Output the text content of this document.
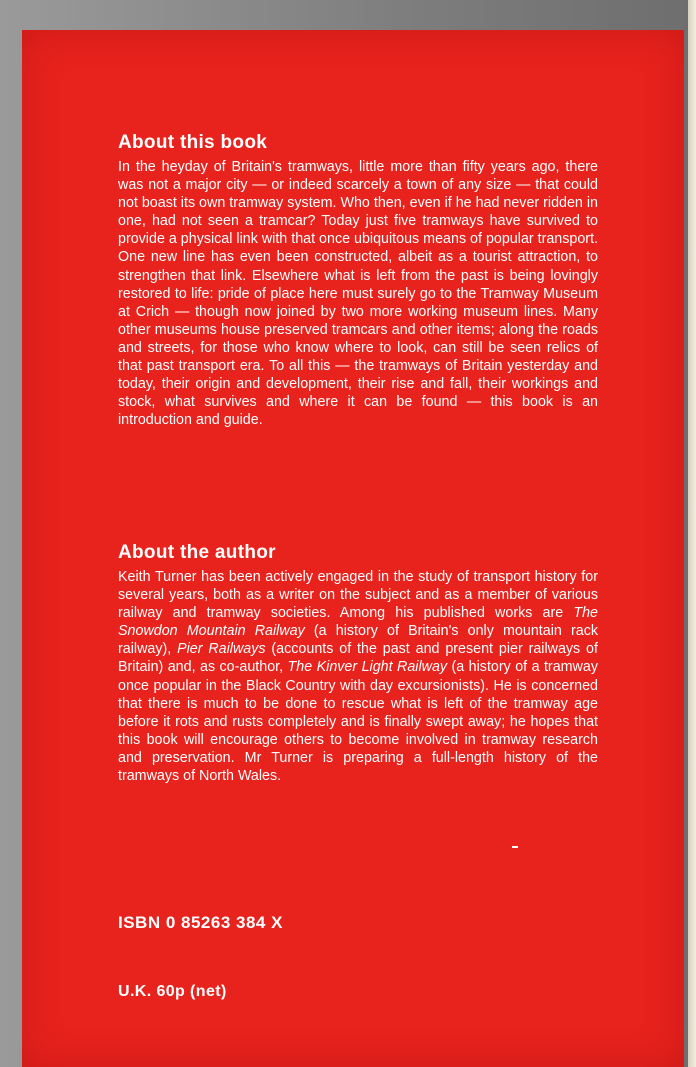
About this book

In the heyday of Britain's tramways, little more than fifty years ago, there was not a major city — or indeed scarcely a town of any size — that could not boast its own tramway system. Who then, even if he had never ridden in one, had not seen a tramcar? Today just five tramways have survived to provide a physical link with that once ubiquitous means of popular transport. One new line has even been constructed, albeit as a tourist attraction, to strengthen that link. Elsewhere what is left from the past is being lovingly restored to life: pride of place here must surely go to the Tramway Museum at Crich — though now joined by two more working museum lines. Many other museums house preserved tramcars and other items; along the roads and streets, for those who know where to look, can still be seen relics of that past transport era. To all this — the tramways of Britain yesterday and today, their origin and development, their rise and fall, their workings and stock, what survives and where it can be found — this book is an introduction and guide.

About the author

Keith Turner has been actively engaged in the study of transport history for several years, both as a writer on the subject and as a member of various railway and tramway societies. Among his published works are The Snowdon Mountain Railway (a history of Britain's only mountain rack railway), Pier Railways (accounts of the past and present pier railways of Britain) and, as co-author, The Kinver Light Railway (a history of a tramway once popular in the Black Country with day excursionists). He is concerned that there is much to be done to rescue what is left of the tramway age before it rots and rusts completely and is finally swept away; he hopes that this book will encourage others to become involved in tramway research and preservation. Mr Turner is preparing a full-length history of the tramways of North Wales.

ISBN 0 85263 384 X
U.K. 60p (net)
